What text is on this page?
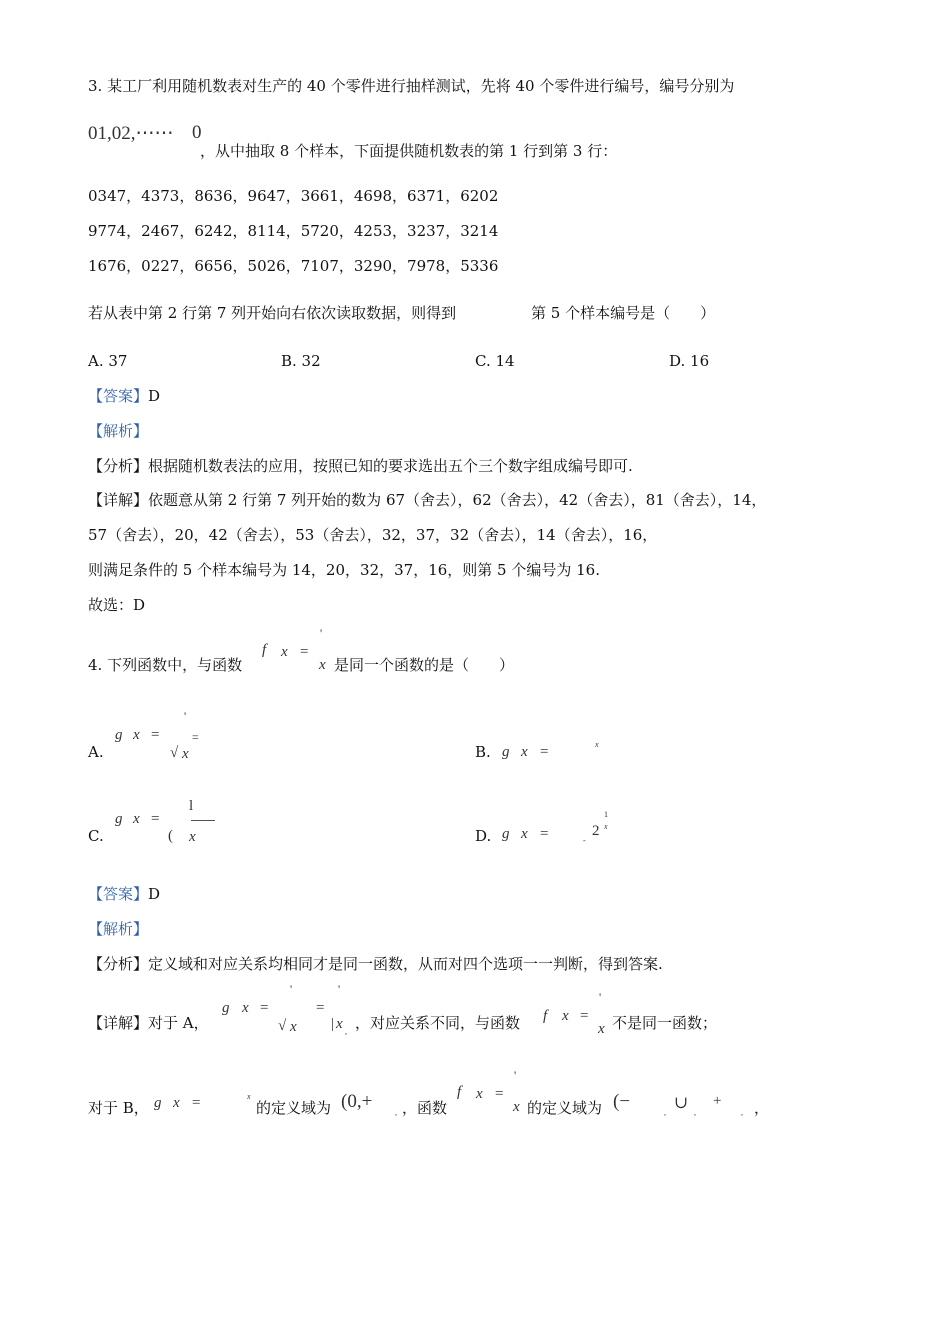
3. 某工厂利用随机数表对生产的 40 个零件进行抽样测试，先将 40 个零件进行编号，编号分别为
01,02,⋯⋯ 0
，从中抽取 8 个样本，下面提供随机数表的第 1 行到第 3 行：
0347，4373，8636，9647，3661，4698，6371，6202
9774，2467，6242，8114，5720，4253，3237，3214
1676，0227，6656，5026，7107，3290，7978，5336
若从表中第 2 行第 7 列开始向右依次读取数据，则得到	第 5 个样本编号是（　　）
A. 37	B. 32	C. 14	D. 16
【答案】D
【解析】
【分析】根据随机数表法的应用，按照已知的要求选出五个三个数字组成编号即可.
【详解】依题意从第 2 行第 7 列开始的数为 67（舍去），62（舍去），42（舍去），81（舍去），14，
57（舍去），20，42（舍去），53（舍去），32，37，32（舍去），14（舍去），16，
则满足条件的 5 个样本编号为 14，20，32，37，16，则第 5 个编号为 16.
故选：D
4. 下列函数中，与函数
f x =
'
x 是同一个函数的是（　　）
A.
g x =
'
=
√ x	B. g x =	x
C.
g x =
l
( x	D. g x =	-
2
1
x
【答案】D
【解析】
【分析】定义域和对应关系均相同才是同一函数，从而对四个选项一一判断，得到答案.
【详解】对于 A，
g x =
'
√ x
=
'
| x , ，对应关系不同，与函数 f x =
'
x 不是同一函数；
对于 B， g x =	x
的定义域为 (0,+
, ，函数
f x =
'
x 的定义域为 (−
,
∪
,
+
, ，
